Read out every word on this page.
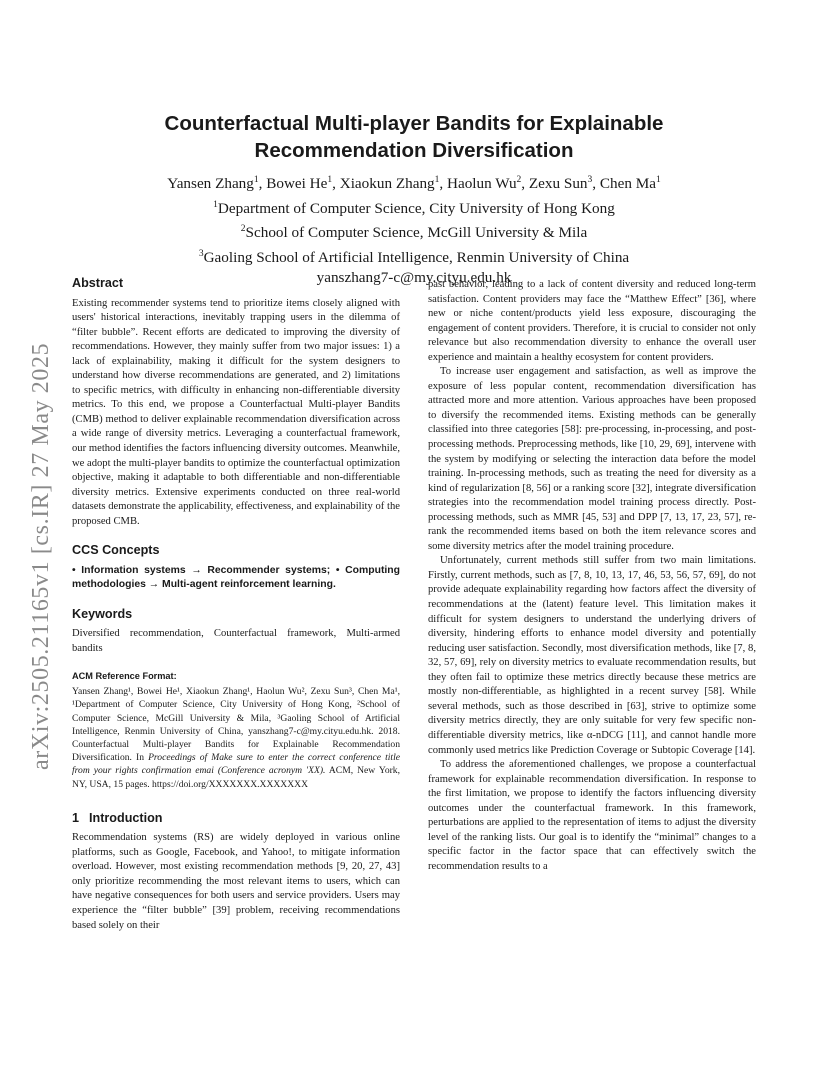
arXiv:2505.21165v1 [cs.IR] 27 May 2025
Counterfactual Multi-player Bandits for Explainable
Recommendation Diversification
Yansen Zhang$^1$, Bowei He$^1$, Xiaokun Zhang$^1$, Haolun Wu$^2$, Zexu Sun$^3$, Chen Ma$^1$
$^1$Department of Computer Science, City University of Hong Kong
$^2$School of Computer Science, McGill University & Mila
$^3$Gaoling School of Artificial Intelligence, Renmin University of China
yanszhang7-c@my.cityu.edu.hk
Abstract

Existing recommender systems tend to prioritize items closely aligned with users' historical interactions, inevitably trapping users in the dilemma of “filter bubble”. Recent efforts are dedicated to improving the diversity of recommendations. However, they mainly suffer from two major issues: 1) a lack of explainability, making it difficult for the system designers to understand how diverse recommendations are generated, and 2) limitations to specific metrics, with difficulty in enhancing non-differentiable diversity metrics. To this end, we propose a Counterfactual Multi-player Bandits (CMB) method to deliver explainable recommendation diversification across a wide range of diversity metrics. Leveraging a counterfactual framework, our method identifies the factors influencing diversity outcomes. Meanwhile, we adopt the multi-player bandits to optimize the counterfactual optimization objective, making it adaptable to both differentiable and non-differentiable diversity metrics. Extensive experiments conducted on three real-world datasets demonstrate the applicability, effectiveness, and explainability of the proposed CMB.

CCS Concepts

• Information systems → Recommender systems; • Computing methodologies → Multi-agent reinforcement learning.

Keywords

Diversified recommendation, Counterfactual framework, Multi-armed bandits

ACM Reference Format:

Yansen Zhang¹, Bowei He¹, Xiaokun Zhang¹, Haolun Wu², Zexu Sun³, Chen Ma¹, ¹Department of Computer Science, City University of Hong Kong, ²School of Computer Science, McGill University & Mila, ³Gaoling School of Artificial Intelligence, Renmin University of China, yanszhang7-c@my.cityu.edu.hk. 2018. Counterfactual Multi-player Bandits for Explainable Recommendation Diversification. In Proceedings of Make sure to enter the correct conference title from your rights confirmation emai (Conference acronym 'XX). ACM, New York, NY, USA, 15 pages. https://doi.org/XXXXXXX.XXXXXXX

1 Introduction

Recommendation systems (RS) are widely deployed in various online platforms, such as Google, Facebook, and Yahoo!, to mitigate information overload. However, most existing recommendation methods [9, 20, 27, 43] only prioritize recommending the most relevant items to users, which can have negative consequences for both users and service providers. Users may experience the “filter bubble” [39] problem, receiving recommendations based solely on their

past behavior, leading to a lack of content diversity and reduced long-term satisfaction. Content providers may face the “Matthew Effect” [36], where new or niche content/products yield less exposure, discouraging the engagement of content providers. Therefore, it is crucial to consider not only relevance but also recommendation diversity to enhance the overall user experience and maintain a healthy ecosystem for content providers.

To increase user engagement and satisfaction, as well as improve the exposure of less popular content, recommendation diversification has attracted more and more attention. Various approaches have been proposed to diversify the recommended items. Existing methods can be generally classified into three categories [58]: pre-processing, in-processing, and post-processing methods. Preprocessing methods, like [10, 29, 69], intervene with the system by modifying or selecting the interaction data before the model training. In-processing methods, such as treating the need for diversity as a kind of regularization [8, 56] or a ranking score [32], integrate diversification strategies into the recommendation model training process directly. Post-processing methods, such as MMR [45, 53] and DPP [7, 13, 17, 23, 57], re-rank the recommended items based on both the item relevance scores and some diversity metrics after the model training procedure.

Unfortunately, current methods still suffer from two main limitations. Firstly, current methods, such as [7, 8, 10, 13, 17, 46, 53, 56, 57, 69], do not provide adequate explainability regarding how factors affect the diversity of recommendations at the (latent) feature level. This limitation makes it difficult for system designers to understand the underlying drivers of diversity, hindering efforts to enhance model diversity and potentially reducing user satisfaction. Secondly, most diversification methods, like [7, 8, 32, 57, 69], rely on diversity metrics to evaluate recommendation results, but they often fail to optimize these metrics directly because these metrics are mostly non-differentiable, as highlighted in a recent survey [58]. While several methods, such as those described in [63], strive to optimize some diversity metrics directly, they are only suitable for very few specific non-differentiable diversity metrics, like α-nDCG [11], and cannot handle more commonly used metrics like Prediction Coverage or Subtopic Coverage [14].

To address the aforementioned challenges, we propose a counterfactual framework for explainable recommendation diversification. In response to the first limitation, we propose to identify the factors influencing diversity outcomes under the counterfactual framework. In this framework, perturbations are applied to the representation of items to adjust the diversity level of the ranking lists. Our goal is to identify the “minimal” changes to a specific factor in the factor space that can effectively switch the recommendation results to a
